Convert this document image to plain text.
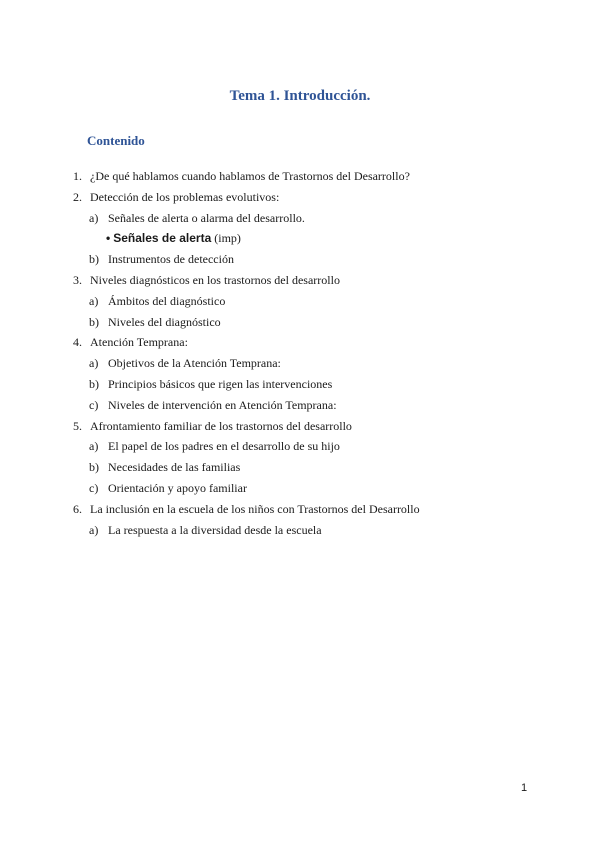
Tema 1. Introducción.
Contenido
1. ¿De qué hablamos cuando hablamos de Trastornos del Desarrollo?
2. Detección de los problemas evolutivos:
a) Señales de alerta o alarma del desarrollo.
• Señales de alerta (imp)
b) Instrumentos de detección
3. Niveles diagnósticos en los trastornos del desarrollo
a) Ámbitos del diagnóstico
b) Niveles del diagnóstico
4. Atención Temprana:
a) Objetivos de la Atención Temprana:
b) Principios básicos que rigen las intervenciones
c) Niveles de intervención en Atención Temprana:
5. Afrontamiento familiar de los trastornos del desarrollo
a) El papel de los padres en el desarrollo de su hijo
b) Necesidades de las familias
c) Orientación y apoyo familiar
6. La inclusión en la escuela de los niños con Trastornos del Desarrollo
a) La respuesta a la diversidad desde la escuela
1
